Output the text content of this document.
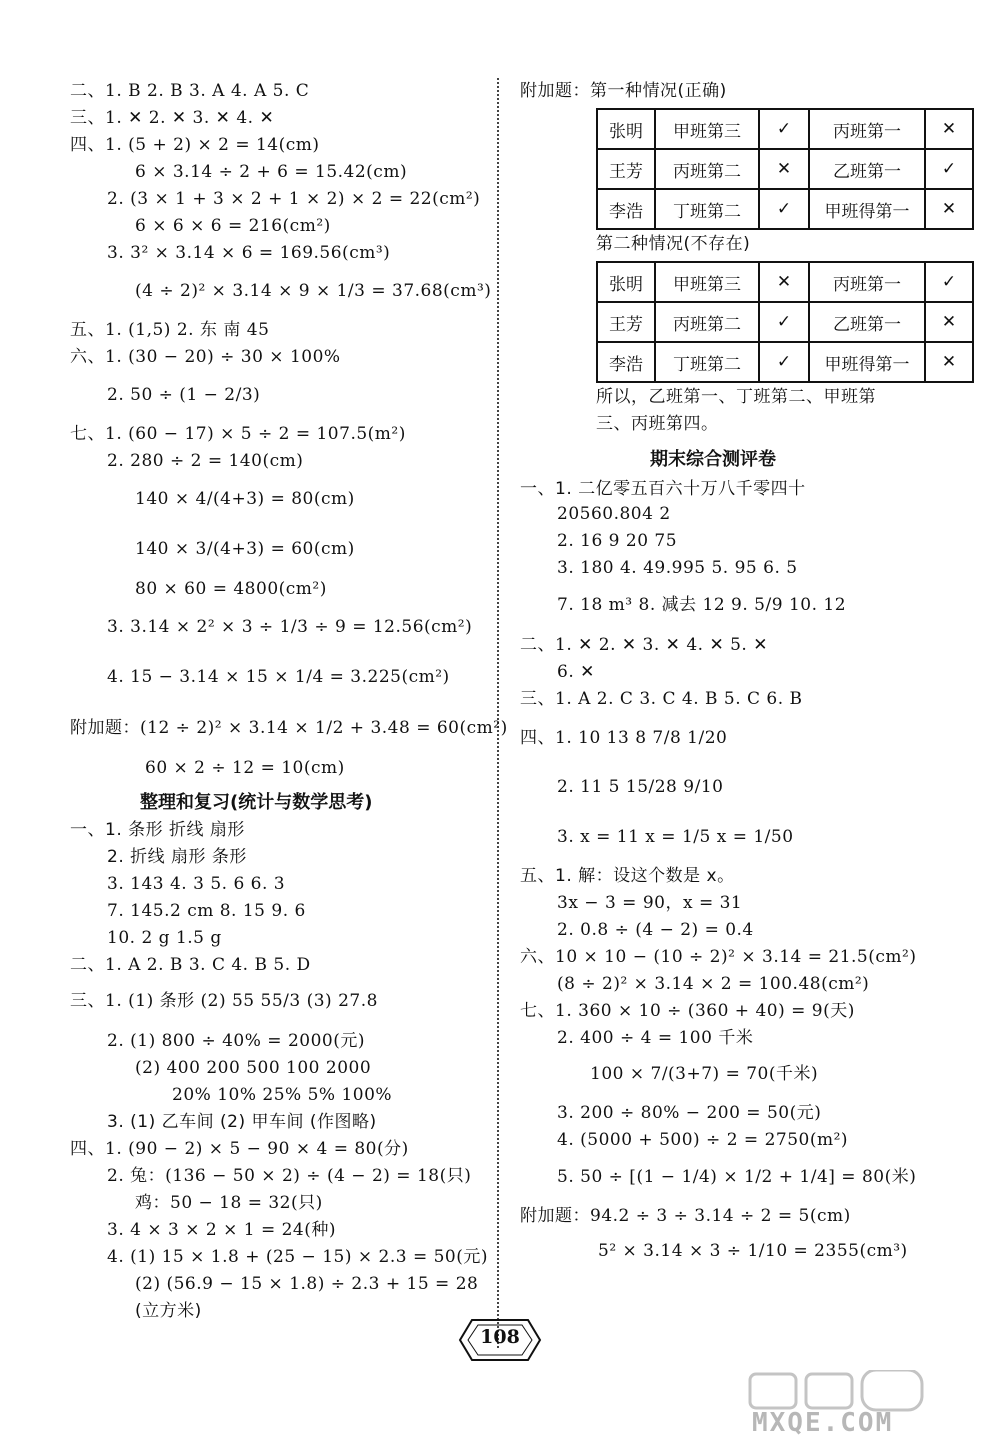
二、1. B 2. B 3. A 4. A 5. C
三、1. ✕ 2. ✕ 3. ✕ 4. ✕
四、1. (5 + 2) × 2 = 14(cm)
6 × 3.14 ÷ 2 + 6 = 15.42(cm)
2. (3 × 1 + 3 × 2 + 1 × 2) × 2 = 22(cm²)
6 × 6 × 6 = 216(cm²)
3. 3² × 3.14 × 6 = 169.56(cm³)
(4 ÷ 2)² × 3.14 × 9 × 1/3 = 37.68(cm³)
五、1. (1,5) 2. 东 南 45
六、1. (30 − 20) ÷ 30 × 100%
2. 50 ÷ (1 − 2/3)
七、1. (60 − 17) × 5 ÷ 2 = 107.5(m²)
2. 280 ÷ 2 = 140(cm)
140 × 4/(4+3) = 80(cm)
140 × 3/(4+3) = 60(cm)
80 × 60 = 4800(cm²)
3. 3.14 × 2² × 3 ÷ 1/3 ÷ 9 = 12.56(cm²)
4. 15 − 3.14 × 15 × 1/4 = 3.225(cm²)
附加题：(12 ÷ 2)² × 3.14 × 1/2 + 3.48 = 60(cm²)
60 × 2 ÷ 12 = 10(cm)
整理和复习(统计与数学思考)
一、1. 条形 折线 扇形
2. 折线 扇形 条形
3. 143 4. 3 5. 6 6. 3
7. 145.2 cm 8. 15 9. 6
10. 2 g 1.5 g
二、1. A 2. B 3. C 4. B 5. D
三、1. (1) 条形 (2) 55 55/3 (3) 27.8
2. (1) 800 ÷ 40% = 2000(元)
(2) 400 200 500 100 2000
20% 10% 25% 5% 100%
3. (1) 乙车间 (2) 甲车间 (作图略)
四、1. (90 − 2) × 5 − 90 × 4 = 80(分)
2. 兔：(136 − 50 × 2) ÷ (4 − 2) = 18(只)
鸡：50 − 18 = 32(只)
3. 4 × 3 × 2 × 1 = 24(种)
4. (1) 15 × 1.8 + (25 − 15) × 2.3 = 50(元)
(2) (56.9 − 15 × 1.8) ÷ 2.3 + 15 = 28
(立方米)
附加题：第一种情况(正确)
张明	甲班第三	✓	丙班第一	✕
王芳	丙班第二	✕	乙班第一	✓
李浩	丁班第二	✓	甲班得第一	✕
第二种情况(不存在)
张明	甲班第三	✕	丙班第一	✓
王芳	丙班第二	✓	乙班第一	✕
李浩	丁班第二	✓	甲班得第一	✕
所以，乙班第一、丁班第二、甲班第
三、丙班第四。
期末综合测评卷
一、1. 二亿零五百六十万八千零四十
20560.804 2
2. 16 9 20 75
3. 180 4. 49.995 5. 95 6. 5
7. 18 m³ 8. 减去 12 9. 5/9 10. 12
二、1. ✕ 2. ✕ 3. ✕ 4. ✕ 5. ✕
6. ✕
三、1. A 2. C 3. C 4. B 5. C 6. B
四、1. 10 13 8 7/8 1/20
2. 11 5 15/28 9/10
3. x = 11 x = 1/5 x = 1/50
五、1. 解：设这个数是 x。
3x − 3 = 90，x = 31
2. 0.8 ÷ (4 − 2) = 0.4
六、10 × 10 − (10 ÷ 2)² × 3.14 = 21.5(cm²)
(8 ÷ 2)² × 3.14 × 2 = 100.48(cm²)
七、1. 360 × 10 ÷ (360 + 40) = 9(天)
2. 400 ÷ 4 = 100 千米
100 × 7/(3+7) = 70(千米)
3. 200 ÷ 80% − 200 = 50(元)
4. (5000 + 500) ÷ 2 = 2750(m²)
5. 50 ÷ [(1 − 1/4) × 1/2 + 1/4] = 80(米)
附加题：94.2 ÷ 3 ÷ 3.14 ÷ 2 = 5(cm)
5² × 3.14 × 3 ÷ 1/10 = 2355(cm³)
108
MXQE.COM
